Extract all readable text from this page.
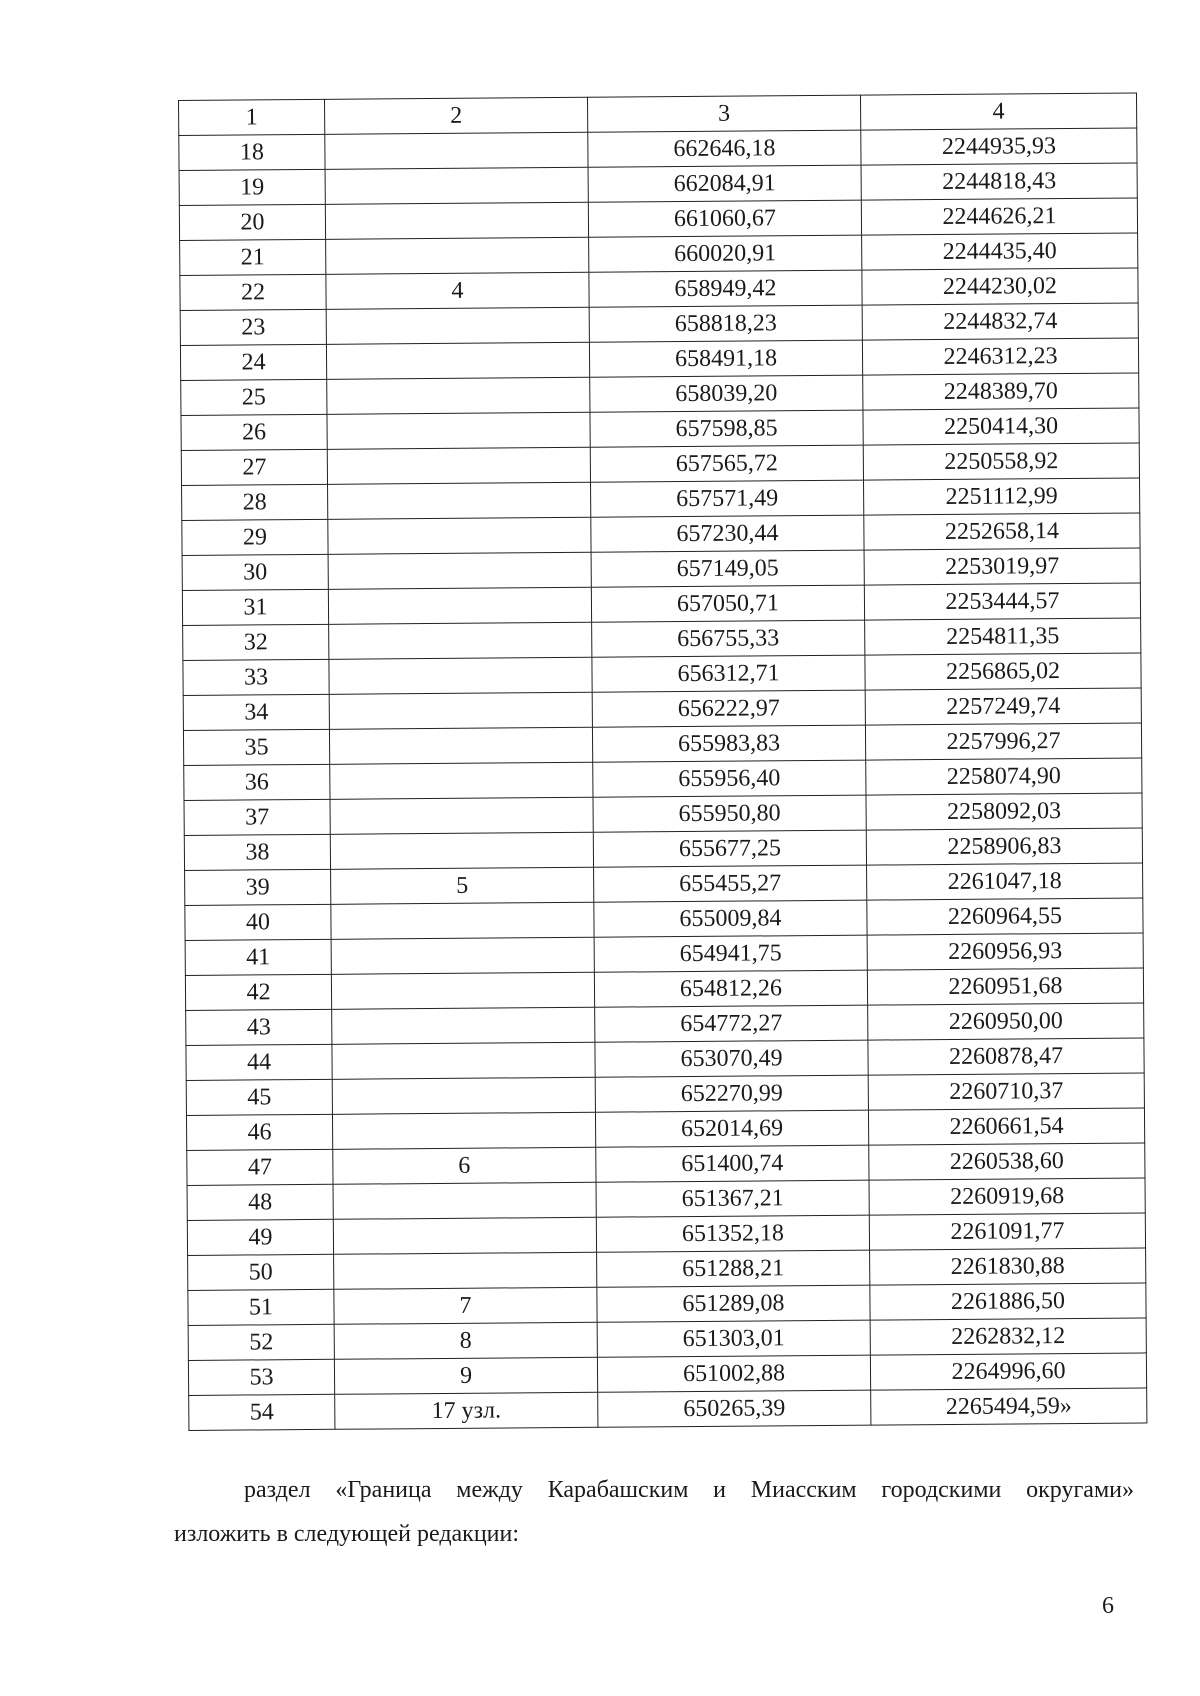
1	2	3	4
18		662646,18	2244935,93
19		662084,91	2244818,43
20		661060,67	2244626,21
21		660020,91	2244435,40
22	4	658949,42	2244230,02
23		658818,23	2244832,74
24		658491,18	2246312,23
25		658039,20	2248389,70
26		657598,85	2250414,30
27		657565,72	2250558,92
28		657571,49	2251112,99
29		657230,44	2252658,14
30		657149,05	2253019,97
31		657050,71	2253444,57
32		656755,33	2254811,35
33		656312,71	2256865,02
34		656222,97	2257249,74
35		655983,83	2257996,27
36		655956,40	2258074,90
37		655950,80	2258092,03
38		655677,25	2258906,83
39	5	655455,27	2261047,18
40		655009,84	2260964,55
41		654941,75	2260956,93
42		654812,26	2260951,68
43		654772,27	2260950,00
44		653070,49	2260878,47
45		652270,99	2260710,37
46		652014,69	2260661,54
47	6	651400,74	2260538,60
48		651367,21	2260919,68
49		651352,18	2261091,77
50		651288,21	2261830,88
51	7	651289,08	2261886,50
52	8	651303,01	2262832,12
53	9	651002,88	2264996,60
54	17 узл.	650265,39	2265494,59»
раздел «Граница между Карабашским и Миасским городскими округами»
изложить в следующей редакции:
6
